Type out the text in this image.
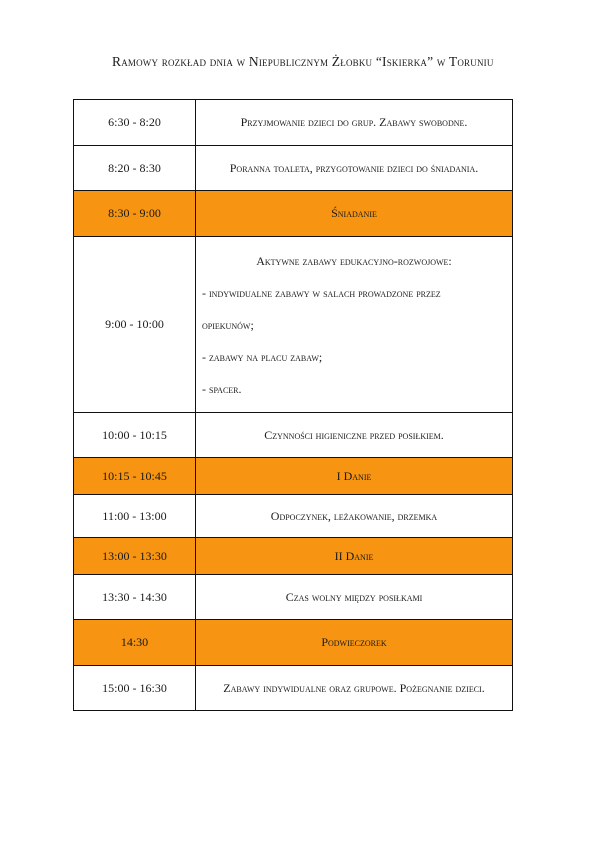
Ramowy rozkład dnia w Niepublicznym Żłobku “Iskierka” w Toruniu
6:30 - 8:20	Przyjmowanie dzieci do grup. Zabawy swobodne.
8:20 - 8:30	Poranna toaleta, przygotowanie dzieci do śniadania.
8:30 - 9:00	Śniadanie
9:00 - 10:00	Aktywne zabawy edukacyjno-rozwojowe:
- indywidualne zabawy w salach prowadzone przez
opiekunów;
- zabawy na placu zabaw;
- spacer.

10:00 - 10:15	Czynności higieniczne przed posiłkiem.
10:15 - 10:45	I Danie
11:00 - 13:00	Odpoczynek, leżakowanie, drzemka
13:00 - 13:30	II Danie
13:30 - 14:30	Czas wolny między posiłkami
14:30	Podwieczorek
15:00 - 16:30	Zabawy indywidualne oraz grupowe. Pożegnanie dzieci.
